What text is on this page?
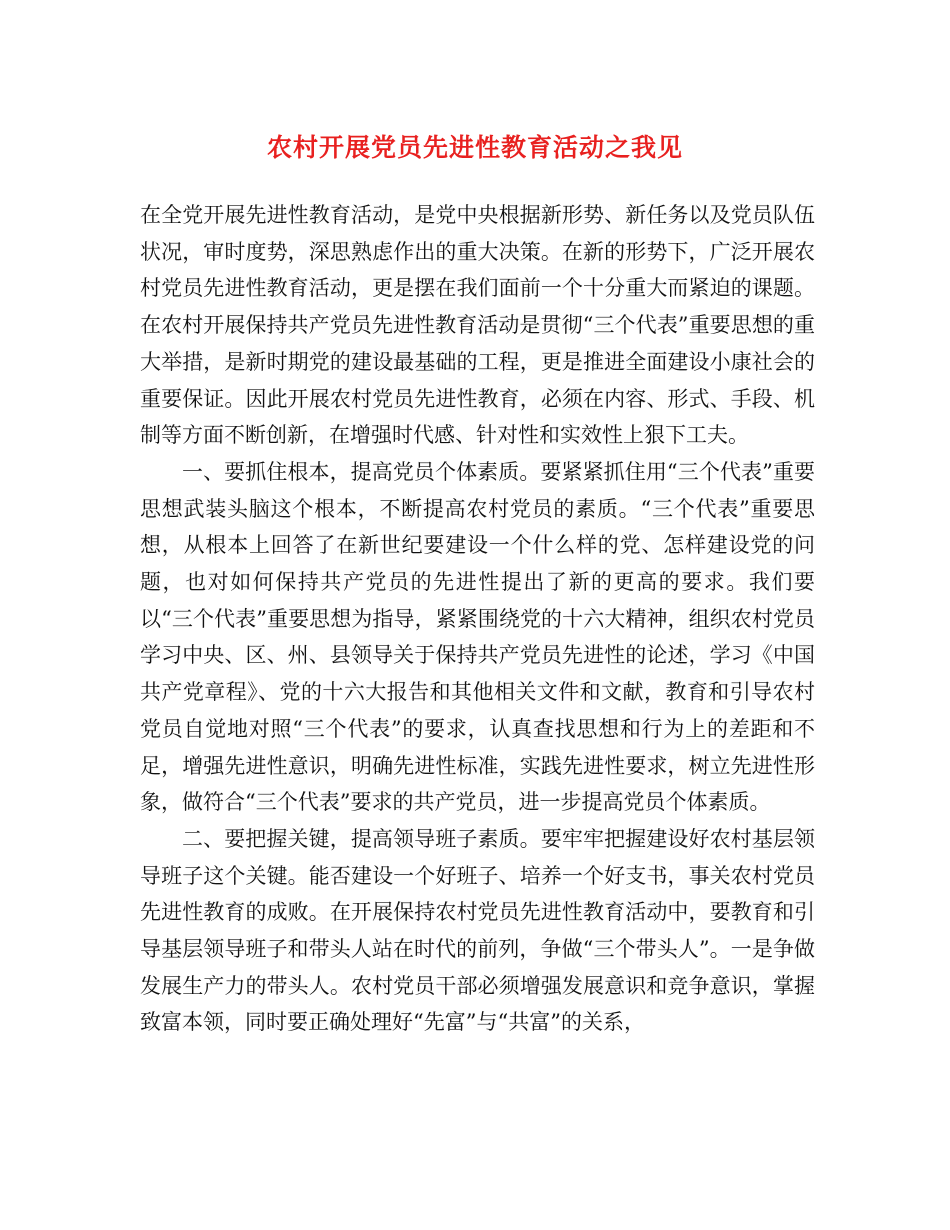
农村开展党员先进性教育活动之我见

在全党开展先进性教育活动，是党中央根据新形势、新任务以及党员队伍状况，审时度势，深思熟虑作出的重大决策。在新的形势下，广泛开展农村党员先进性教育活动，更是摆在我们面前一个十分重大而紧迫的课题。在农村开展保持共产党员先进性教育活动是贯彻“三个代表”重要思想的重大举措，是新时期党的建设最基础的工程，更是推进全面建设小康社会的重要保证。因此开展农村党员先进性教育，必须在内容、形式、手段、机制等方面不断创新，在增强时代感、针对性和实效性上狠下工夫。

一、要抓住根本，提高党员个体素质。要紧紧抓住用“三个代表”重要思想武装头脑这个根本，不断提高农村党员的素质。“三个代表”重要思想，从根本上回答了在新世纪要建设一个什么样的党、怎样建设党的问题，也对如何保持共产党员的先进性提出了新的更高的要求。我们要以“三个代表”重要思想为指导，紧紧围绕党的十六大精神，组织农村党员学习中央、区、州、县领导关于保持共产党员先进性的论述，学习《中国共产党章程》、党的十六大报告和其他相关文件和文献，教育和引导农村党员自觉地对照“三个代表”的要求，认真查找思想和行为上的差距和不足，增强先进性意识，明确先进性标准，实践先进性要求，树立先进性形象，做符合“三个代表”要求的共产党员，进一步提高党员个体素质。

二、要把握关键，提高领导班子素质。要牢牢把握建设好农村基层领导班子这个关键。能否建设一个好班子、培养一个好支书，事关农村党员先进性教育的成败。在开展保持农村党员先进性教育活动中，要教育和引导基层领导班子和带头人站在时代的前列，争做“三个带头人”。一是争做发展生产力的带头人。农村党员干部必须增强发展意识和竞争意识，掌握致富本领，同时要正确处理好“先富”与“共富”的关系，
